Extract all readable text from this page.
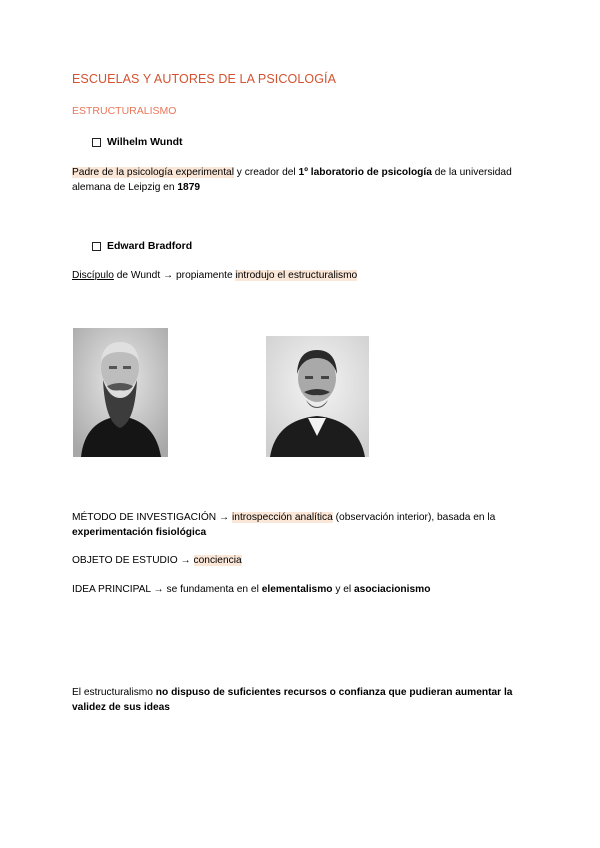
ESCUELAS Y AUTORES DE LA PSICOLOGÍA
ESTRUCTURALISMO
Wilhelm Wundt
Padre de la psicología experimental y creador del 1º laboratorio de psicología de la universidad alemana de Leipzig en 1879
Edward Bradford
Discípulo de Wundt → propiamente introdujo el estructuralismo
MÉTODO DE INVESTIGACIÓN → introspección analítica (observación interior), basada en la experimentación fisiológica
OBJETO DE ESTUDIO → conciencia
IDEA PRINCIPAL → se fundamenta en el elementalismo y el asociacionismo
El estructuralismo no dispuso de suficientes recursos o confianza que pudieran aumentar la validez de sus ideas
